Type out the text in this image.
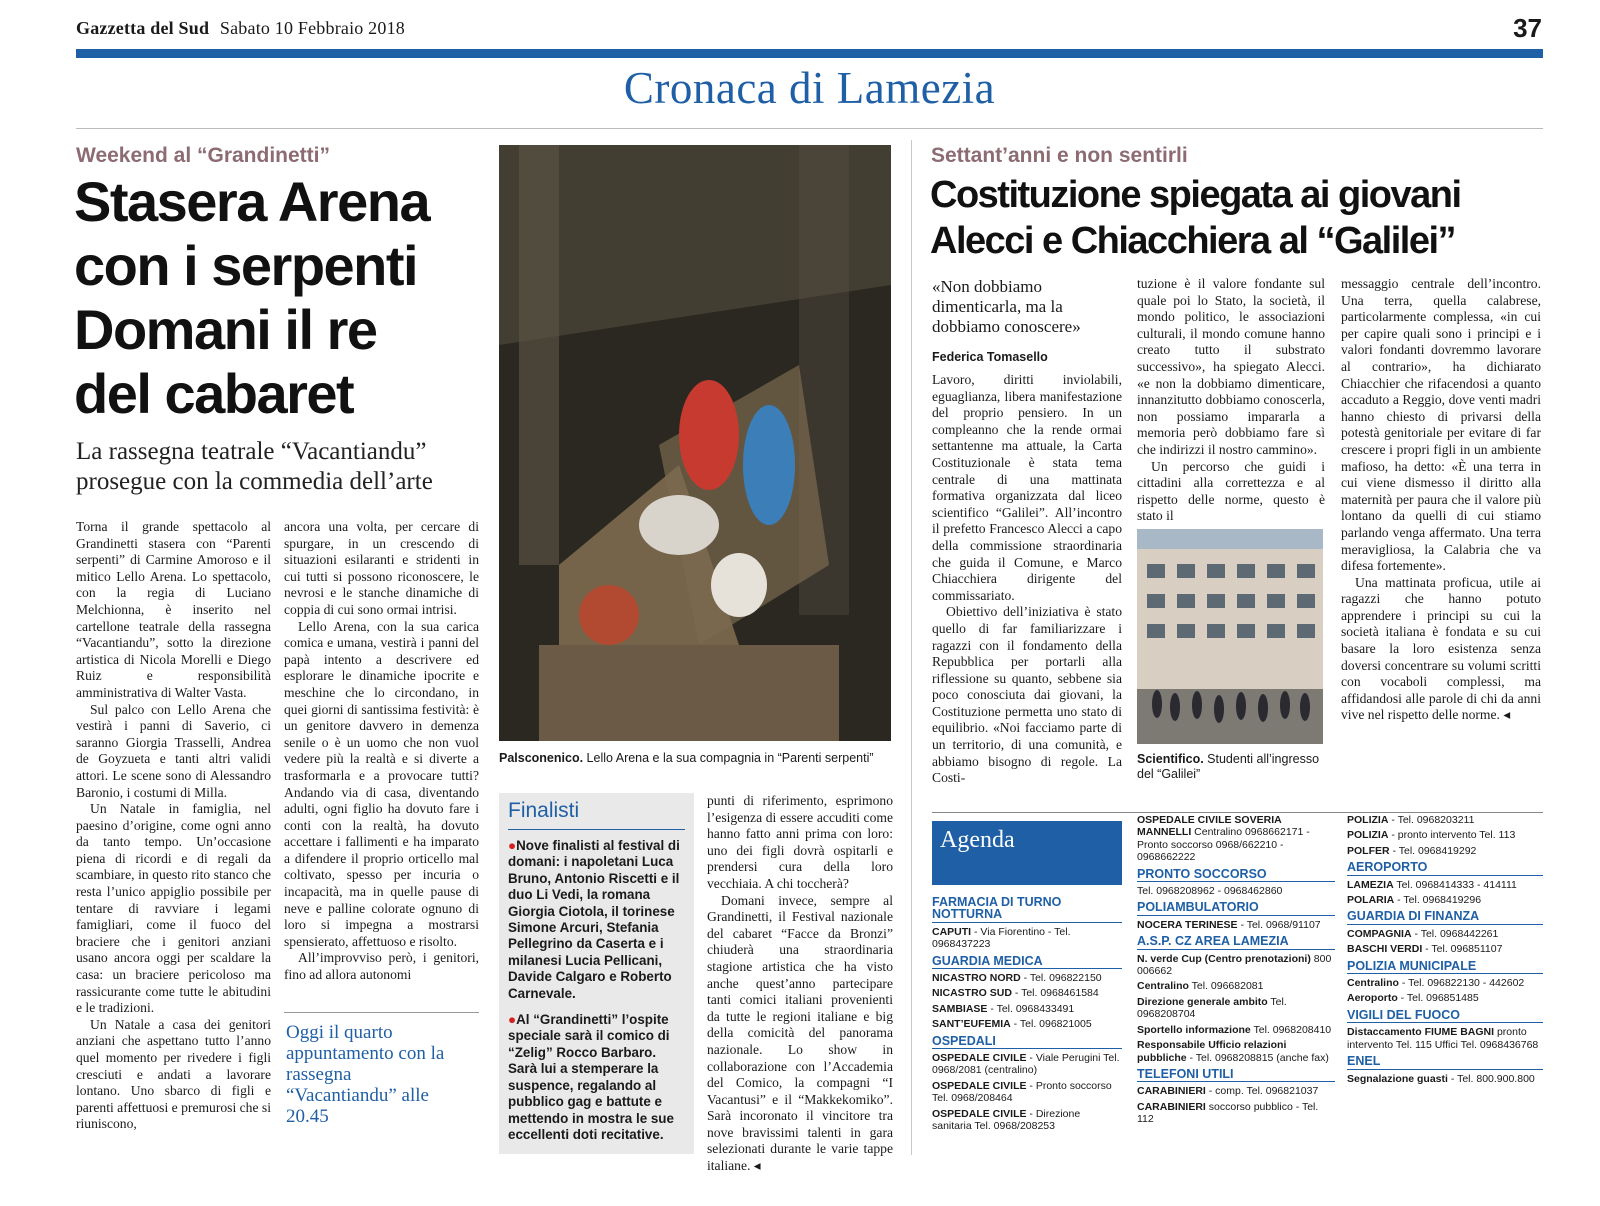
Gazzetta del Sud Sabato 10 Febbraio 2018	37
Cronaca di Lamezia
Weekend al “Grandinetti”
Stasera Arena
con i serpenti
Domani il re
del cabaret
La rassegna teatrale “Vacantiandu”
prosegue con la commedia dell’arte

Torna il grande spettacolo al Grandinetti stasera con “Parenti serpenti” di Carmine Amoroso e il mitico Lello Arena. Lo spettacolo, con la regia di Luciano Melchionna, è inserito nel cartellone teatrale della rassegna “Vacantiandu”, sotto la direzione artistica di Nicola Morelli e Diego Ruiz e responsibilità amministrativa di Walter Vasta.

Sul palco con Lello Arena che vestirà i panni di Saverio, ci saranno Giorgia Trasselli, Andrea de Goyzueta e tanti altri validi attori. Le scene sono di Alessandro Baronio, i costumi di Milla.

Un Natale in famiglia, nel paesino d’origine, come ogni anno da tanto tempo. Un’occasione piena di ricordi e di regali da scambiare, in questo rito stanco che resta l’unico appiglio possibile per tentare di ravviare i legami famigliari, come il fuoco del braciere che i genitori anziani usano ancora oggi per scaldare la casa: un braciere pericoloso ma rassicurante come tutte le abitudini e le tradizioni.

Un Natale a casa dei genitori anziani che aspettano tutto l’anno quel momento per rivedere i figli cresciuti e andati a lavorare lontano. Uno sbarco di figli e parenti affettuosi e premurosi che si riuniscono,

ancora una volta, per cercare di spurgare, in un crescendo di situazioni esilaranti e stridenti in cui tutti si possono riconoscere, le nevrosi e le stanche dinamiche di coppia di cui sono ormai intrisi.

Lello Arena, con la sua carica comica e umana, vestirà i panni del papà intento a descrivere ed esplorare le dinamiche ipocrite e meschine che lo circondano, in quei giorni di santissima festività: è un genitore davvero in demenza senile o è un uomo che non vuol vedere più la realtà e si diverte a trasformarla e a provocare tutti? Andando via di casa, diventando adulti, ogni figlio ha dovuto fare i conti con la realtà, ha dovuto accettare i fallimenti e ha imparato a difendere il proprio orticello mal coltivato, spesso per incuria o incapacità, ma in quelle pause di neve e palline colorate ognuno di loro si impegna a mostrarsi spensierato, affettuoso e risolto.

All’improvviso però, i genitori, fino ad allora autonomi

Oggi il quarto appuntamento con la rassegna “Vacantiandu” alle 20.45
Palsconenico. Lello Arena e la sua compagnia in “Parenti serpenti”
Finalisti
●Nove finalisti al festival di domani: i napoletani Luca Bruno, Antonio Riscetti e il duo Li Vedi, la romana Giorgia Ciotola, il torinese Simone Arcuri, Stefania Pellegrino da Caserta e i milanesi Lucia Pellicani, Davide Calgaro e Roberto Carnevale.
●Al “Grandinetti” l’ospite speciale sarà il comico di “Zelig” Rocco Barbaro. Sarà lui a stemperare la suspence, regalando al pubblico gag e battute e mettendo in mostra le sue eccellenti doti recitative.

punti di riferimento, esprimono l’esigenza di essere accuditi come hanno fatto anni prima con loro: uno dei figli dovrà ospitarli e prendersi cura della loro vecchiaia. A chi toccherà?

Domani invece, sempre al Grandinetti, il Festival nazionale del cabaret “Facce da Bronzi” chiuderà una straordinaria stagione artistica che ha visto anche quest’anno partecipare tanti comici italiani provenienti da tutte le regioni italiane e big della comicità del panorama nazionale. Lo show in collaborazione con l’Accademia del Comico, la compagni “I Vacantusi” e il “Makkekomiko”. Sarà incoronato il vincitore tra nove bravissimi talenti in gara selezionati durante le varie tappe italiane. ◂

Settant’anni e non sentirli
Costituzione spiegata ai giovani
Alecci e Chiacchiera al “Galilei”
«Non dobbiamo dimenticarla, ma la dobbiamo conoscere»
Federica Tomasello

Lavoro, diritti inviolabili, eguaglianza, libera manifestazione del proprio pensiero. In un compleanno che la rende ormai settantenne ma attuale, la Carta Costituzionale è stata tema centrale di una mattinata formativa organizzata dal liceo scientifico “Galilei”. All’incontro il prefetto Francesco Alecci a capo della commissione straordinaria che guida il Comune, e Marco Chiacchiera dirigente del commissariato.

Obiettivo dell’iniziativa è stato quello di far familiarizzare i ragazzi con il fondamento della Repubblica per portarli alla riflessione su quanto, sebbene sia poco conosciuta dai giovani, la Costituzione permetta uno stato di equilibrio. «Noi facciamo parte di un territorio, di una comunità, e abbiamo bisogno di regole. La Costi-

tuzione è il valore fondante sul quale poi lo Stato, la società, il mondo politico, le associazioni culturali, il mondo comune hanno creato tutto il substrato successivo», ha spiegato Alecci. «e non la dobbiamo dimenticare, innanzitutto dobbiamo conoscerla, non possiamo impararla a memoria però dobbiamo fare sì che indirizzi il nostro cammino».

Un percorso che guidi i cittadini alla correttezza e al rispetto delle norme, questo è stato il

Scientifico. Studenti all’ingresso del “Galilei”

messaggio centrale dell’incontro. Una terra, quella calabrese, particolarmente complessa, «in cui per capire quali sono i principi e i valori fondanti dovremmo lavorare al contrario», ha dichiarato Chiacchier che rifacendosi a quanto accaduto a Reggio, dove venti madri hanno chiesto di privarsi della potestà genitoriale per evitare di far crescere i propri figli in un ambiente mafioso, ha detto: «È una terra in cui viene dismesso il diritto alla maternità per paura che il valore più lontano da quelli di cui stiamo parlando venga affermato. Una terra meravigliosa, la Calabria che va difesa fortemente».

Una mattinata proficua, utile ai ragazzi che hanno potuto apprendere i principi su cui la società italiana è fondata e su cui basare la loro esistenza senza doversi concentrare su volumi scritti con vocaboli complessi, ma affidandosi alle parole di chi da anni vive nel rispetto delle norme. ◂

Agenda
FARMACIA DI TURNO NOTTURNA
CAPUTI - Via Fiorentino - Tel. 0968437223
GUARDIA MEDICA
NICASTRO NORD - Tel. 096822150
NICASTRO SUD - Tel. 0968461584
SAMBIASE - Tel. 0968433491
SANT’EUFEMIA - Tel. 096821005
OSPEDALI
OSPEDALE CIVILE - Viale Perugini Tel. 0968/2081 (centralino)
OSPEDALE CIVILE - Pronto soccorso Tel. 0968/208464
OSPEDALE CIVILE - Direzione sanitaria Tel. 0968/208253
OSPEDALE CIVILE SOVERIA MANNELLI Centralino 0968662171 - Pronto soccorso 0968/662210 - 0968662222
PRONTO SOCCORSO
Tel. 0968208962 - 0968462860
POLIAMBULATORIO
NOCERA TERINESE - Tel. 0968/91107
A.S.P. CZ AREA LAMEZIA
N. verde Cup (Centro prenotazioni) 800 006662
Centralino Tel. 096682081
Direzione generale ambito Tel. 0968208704
Sportello informazione Tel. 0968208410
Responsabile Ufficio relazioni pubbliche - Tel. 0968208815 (anche fax)
TELEFONI UTILI
CARABINIERI - comp. Tel. 096821037
CARABINIERI soccorso pubblico - Tel. 112
POLIZIA - Tel. 0968203211
POLIZIA - pronto intervento Tel. 113
POLFER - Tel. 0968419292
AEROPORTO
LAMEZIA Tel. 0968414333 - 414111
POLARIA - Tel. 0968419296
GUARDIA DI FINANZA
COMPAGNIA - Tel. 0968442261
BASCHI VERDI - Tel. 096851107
POLIZIA MUNICIPALE
Centralino - Tel. 096822130 - 442602
Aeroporto - Tel. 096851485
VIGILI DEL FUOCO
Distaccamento FIUME BAGNI pronto intervento Tel. 115 Uffici Tel. 0968436768
ENEL
Segnalazione guasti - Tel. 800.900.800
